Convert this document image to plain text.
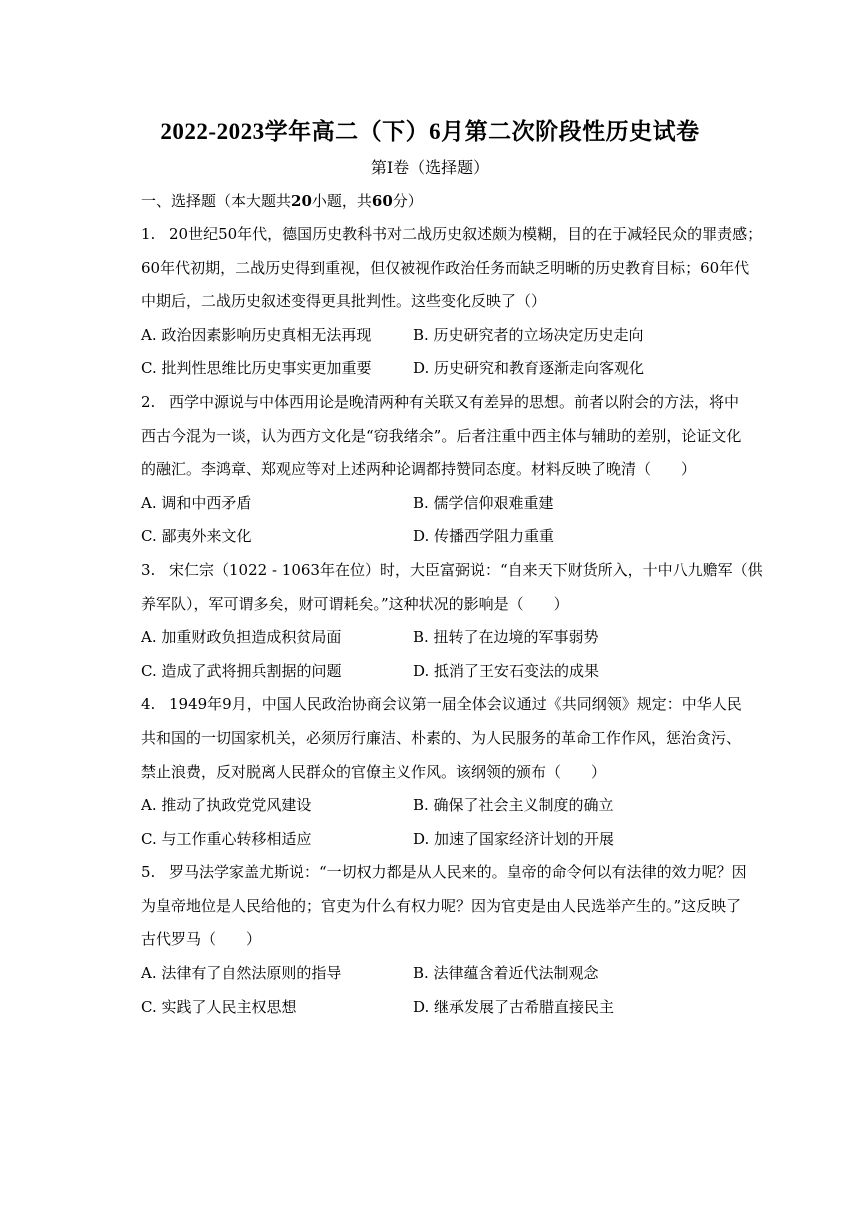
2022-2023学年高二（下）6月第二次阶段性历史试卷
第Ⅰ卷（选择题）
一、选择题（本大题共20小题，共60分）

1. 20世纪50年代，德国历史教科书对二战历史叙述颇为模糊，目的在于减轻民众的罪责感；

60年代初期，二战历史得到重视，但仅被视作政治任务而缺乏明晰的历史教育目标；60年代

中期后，二战历史叙述变得更具批判性。这些变化反映了（）

A. 政治因素影响历史真相无法再现	B. 历史研究者的立场决定历史走向
C. 批判性思维比历史事实更加重要	D. 历史研究和教育逐渐走向客观化

2. 西学中源说与中体西用论是晚清两种有关联又有差异的思想。前者以附会的方法，将中

西古今混为一谈，认为西方文化是“窃我绪余”。后者注重中西主体与辅助的差别，论证文化

的融汇。李鸿章、郑观应等对上述两种论调都持赞同态度。材料反映了晚清（　　）

A. 调和中西矛盾	B. 儒学信仰艰难重建
C. 鄙夷外来文化	D. 传播西学阻力重重

3. 宋仁宗（1022 - 1063年在位）时，大臣富弼说：“自来天下财货所入，十中八九赡军（供

养军队），军可谓多矣，财可谓耗矣。”这种状况的影响是（　　）

A. 加重财政负担造成积贫局面	B. 扭转了在边境的军事弱势
C. 造成了武将拥兵割据的问题	D. 抵消了王安石变法的成果

4. 1949年9月，中国人民政治协商会议第一届全体会议通过《共同纲领》规定：中华人民

共和国的一切国家机关，必须厉行廉洁、朴素的、为人民服务的革命工作作风，惩治贪污、

禁止浪费，反对脱离人民群众的官僚主义作风。该纲领的颁布（　　）

A. 推动了执政党党风建设	B. 确保了社会主义制度的确立
C. 与工作重心转移相适应	D. 加速了国家经济计划的开展

5. 罗马法学家盖尤斯说：“一切权力都是从人民来的。皇帝的命令何以有法律的效力呢？因

为皇帝地位是人民给他的；官吏为什么有权力呢？因为官吏是由人民选举产生的。”这反映了

古代罗马（　　）

A. 法律有了自然法原则的指导	B. 法律蕴含着近代法制观念
C. 实践了人民主权思想	D. 继承发展了古希腊直接民主
